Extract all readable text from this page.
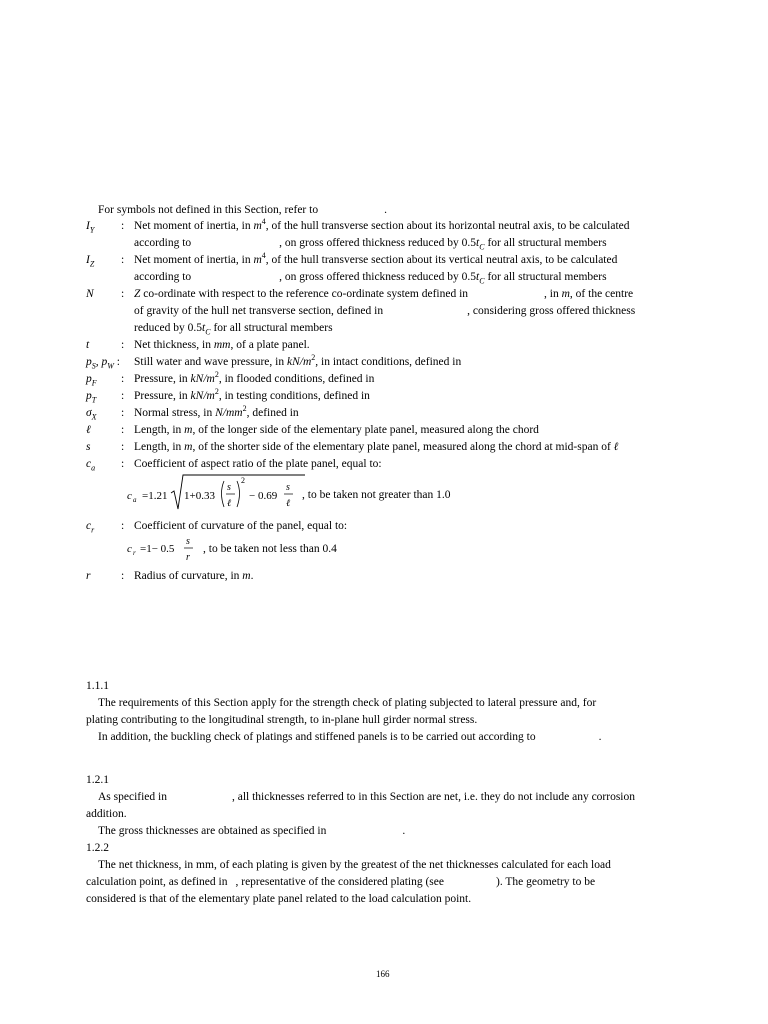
For symbols not defined in this Section, refer to	.
$I_Y$ : Net moment of inertia, in $m^4$, of the hull transverse section about its horizontal neutral axis, to be calculated
according to	, on gross offered thickness reduced by $0.5t_C$ for all structural members
$I_Z$ : Net moment of inertia, in $m^4$, of the hull transverse section about its vertical neutral axis, to be calculated
according to	, on gross offered thickness reduced by $0.5t_C$ for all structural members
N : Z co-ordinate with respect to the reference co-ordinate system defined in	, in m, of the centre
of gravity of the hull net transverse section, defined in	, considering gross offered thickness
reduced by $0.5t_C$ for all structural members
t	: Net thickness, in mm, of a plate panel.
$p_S$, $p_W$ : Still water and wave pressure, in $kN/m^2$, in intact conditions, defined in
$p_F$ : Pressure, in $kN/m^2$, in flooded conditions, defined in
$p_T$ : Pressure, in $kN/m^2$, in testing conditions, defined in
$\sigma_X$ : Normal stress, in $N/mm^2$, defined in
ℓ	: Length, in m, of the longer side of the elementary plate panel, measured along the chord
s	: Length, in m, of the shorter side of the elementary plate panel, measured along the chord at mid-span of ℓ
$c_a$ : Coefficient of aspect ratio of the plate panel, equal to:
c a =1.21 1+0.33
s
ℓ
2
− 0.69
s
ℓ
, to be taken not greater than 1.0
$c_r$ : Coefficient of curvature of the panel, equal to:
c r =1− 0.5
s
r
, to be taken not less than 0.4
r	: Radius of curvature, in m.
1.1.1
The requirements of this Section apply for the strength check of plating subjected to lateral pressure and, for
plating contributing to the longitudinal strength, to in-plane hull girder normal stress.
In addition, the buckling check of platings and stiffened panels is to be carried out according to	.
1.2.1
As specified in	, all thicknesses referred to in this Section are net, i.e. they do not include any corrosion
addition.
The gross thicknesses are obtained as specified in	.
1.2.2
The net thickness, in mm, of each plating is given by the greatest of the net thicknesses calculated for each load
calculation point, as defined in , representative of the considered plating (see	). The geometry to be
considered is that of the elementary plate panel related to the load calculation point.
166
